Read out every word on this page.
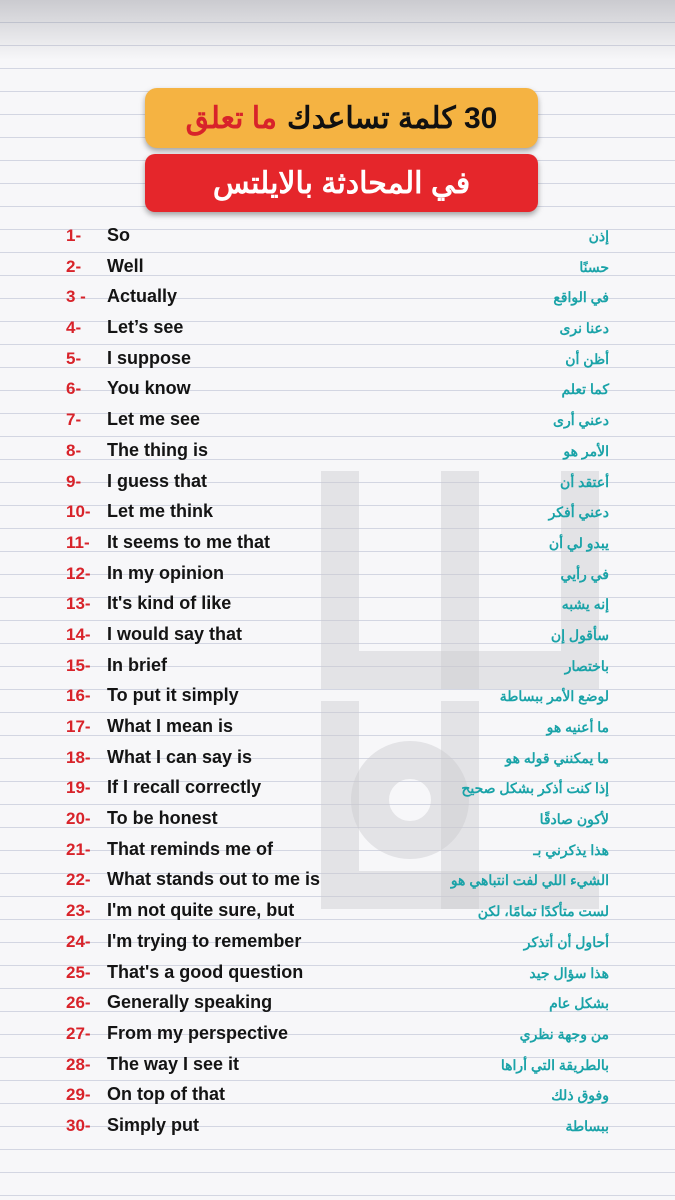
30 كلمة تساعدك
ما تعلق
في المحادثة بالايلتس
1-	So	إذن
2-	Well	حسنًا
3 -	Actually	في الواقع
4-	Let’s see	دعنا نرى
5-	I suppose	أظن أن
6-	You know	كما تعلم
7-	Let me see	دعني أرى
8-	The thing is	الأمر هو
9-	I guess that	أعتقد أن
10- Let me think	دعني أفكر
11- It seems to me that	يبدو لي أن
12- In my opinion	في رأيي
13- It's kind of like	إنه يشبه
14- I would say that	سأقول إن
15- In brief	باختصار
16- To put it simply	لوضع الأمر ببساطة
17- What I mean is	ما أعنيه هو
18- What I can say is	ما يمكنني قوله هو
19- If I recall correctly	إذا كنت أذكر بشكل صحيح
20- To be honest	لأكون صادقًا
21- That reminds me of	هذا يذكرني بـ
22- What stands out to me is	الشيء اللي لفت انتباهي هو
23- I'm not quite sure, but	لست متأكدًا تمامًا، لكن
24- I'm trying to remember	أحاول أن أتذكر
25- That's a good question	هذا سؤال جيد
26- Generally speaking	بشكل عام
27- From my perspective	من وجهة نظري
28- The way I see it	بالطريقة التي أراها
29- On top of that	وفوق ذلك
30- Simply put	ببساطة
